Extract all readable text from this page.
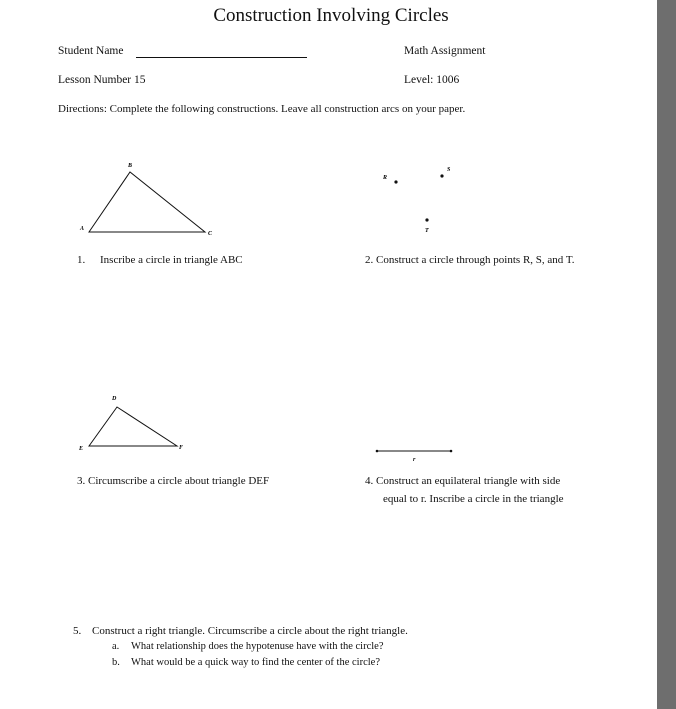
Construction Involving Circles
Student Name	Math Assignment
Lesson Number 15	Level: 1006
Directions: Complete the following constructions. Leave all construction arcs on your paper.
A
B
C
R
S
T
D
E	F
r
1. Inscribe a circle in triangle ABC	2. Construct a circle through points R, S, and T.
3. Circumscribe a circle about triangle DEF	4. Construct an equilateral triangle with side
equal to r. Inscribe a circle in the triangle
5. Construct a right triangle. Circumscribe a circle about the right triangle.
a. What relationship does the hypotenuse have with the circle?
b. What would be a quick way to find the center of the circle?
